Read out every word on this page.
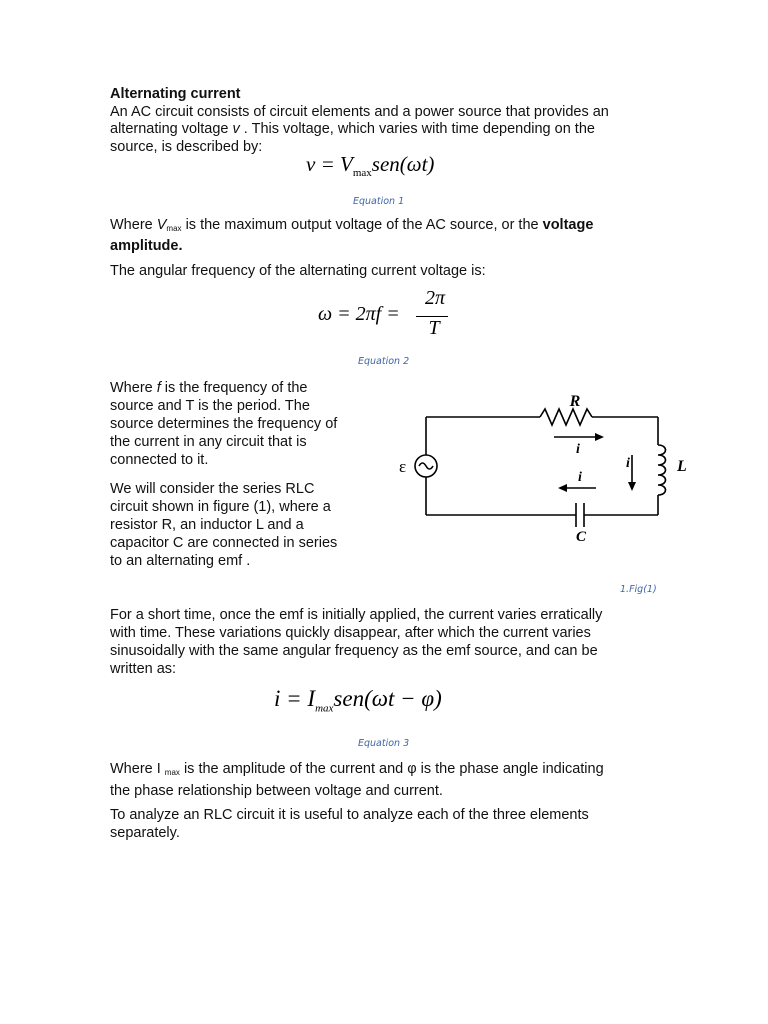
Alternating current
An AC circuit consists of circuit elements and a power source that provides an
alternating voltage v . This voltage, which varies with time depending on the
source, is described by:
$v = V_{max}sen(\omega t)$
Equation 1
Where $V_{max}$ is the maximum output voltage of the AC source, or the voltage
amplitude.
The angular frequency of the alternating current voltage is:
ω = 2πf =
2π
T
Equation 2
Where f is the frequency of the
source and T is the period. The
source determines the frequency of
the current in any circuit that is
connected to it.
We will consider the series RLC
circuit shown in figure (1), where a
resistor R, an inductor L and a
capacitor C are connected in series
to an alternating emf .
R
i
i
i
L
C
ε
1.Fig(1)
For a short time, once the emf is initially applied, the current varies erratically
with time. These variations quickly disappear, after which the current varies
sinusoidally with the same angular frequency as the emf source, and can be
written as:
$i = I_{max}sen(\omega t - \varphi)$
Equation 3
Where I $_{max}$ is the amplitude of the current and φ is the phase angle indicating
the phase relationship between voltage and current.
To analyze an RLC circuit it is useful to analyze each of the three elements
separately.
